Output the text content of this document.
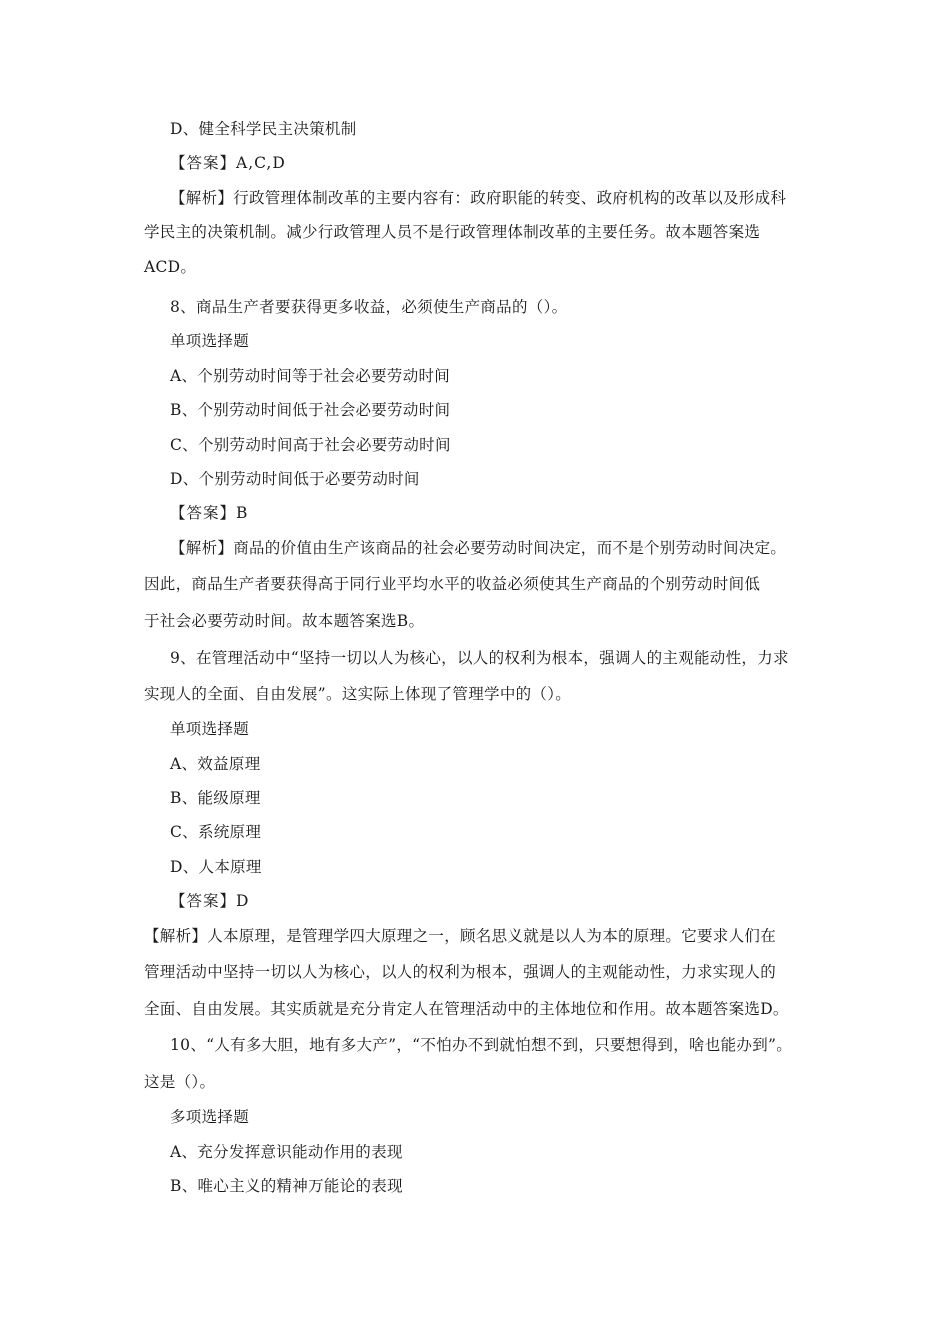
D、健全科学民主决策机制
【答案】A,C,D
【解析】行政管理体制改革的主要内容有：政府职能的转变、政府机构的改革以及形成科
学民主的决策机制。减少行政管理人员不是行政管理体制改革的主要任务。故本题答案选
ACD。
8、商品生产者要获得更多收益，必须使生产商品的（）。
单项选择题
A、个别劳动时间等于社会必要劳动时间
B、个别劳动时间低于社会必要劳动时间
C、个别劳动时间高于社会必要劳动时间
D、个别劳动时间低于必要劳动时间
【答案】B
【解析】商品的价值由生产该商品的社会必要劳动时间决定，而不是个别劳动时间决定。
因此，商品生产者要获得高于同行业平均水平的收益必须使其生产商品的个别劳动时间低
于社会必要劳动时间。故本题答案选B。
9、在管理活动中“坚持一切以人为核心，以人的权利为根本，强调人的主观能动性，力求
实现人的全面、自由发展”。这实际上体现了管理学中的（）。
单项选择题
A、效益原理
B、能级原理
C、系统原理
D、人本原理
【答案】D
【解析】人本原理，是管理学四大原理之一，顾名思义就是以人为本的原理。它要求人们在
管理活动中坚持一切以人为核心，以人的权利为根本，强调人的主观能动性，力求实现人的
全面、自由发展。其实质就是充分肯定人在管理活动中的主体地位和作用。故本题答案选D。
10、“人有多大胆，地有多大产”，“不怕办不到就怕想不到，只要想得到，啥也能办到”。
这是（）。
多项选择题
A、充分发挥意识能动作用的表现
B、唯心主义的精神万能论的表现
